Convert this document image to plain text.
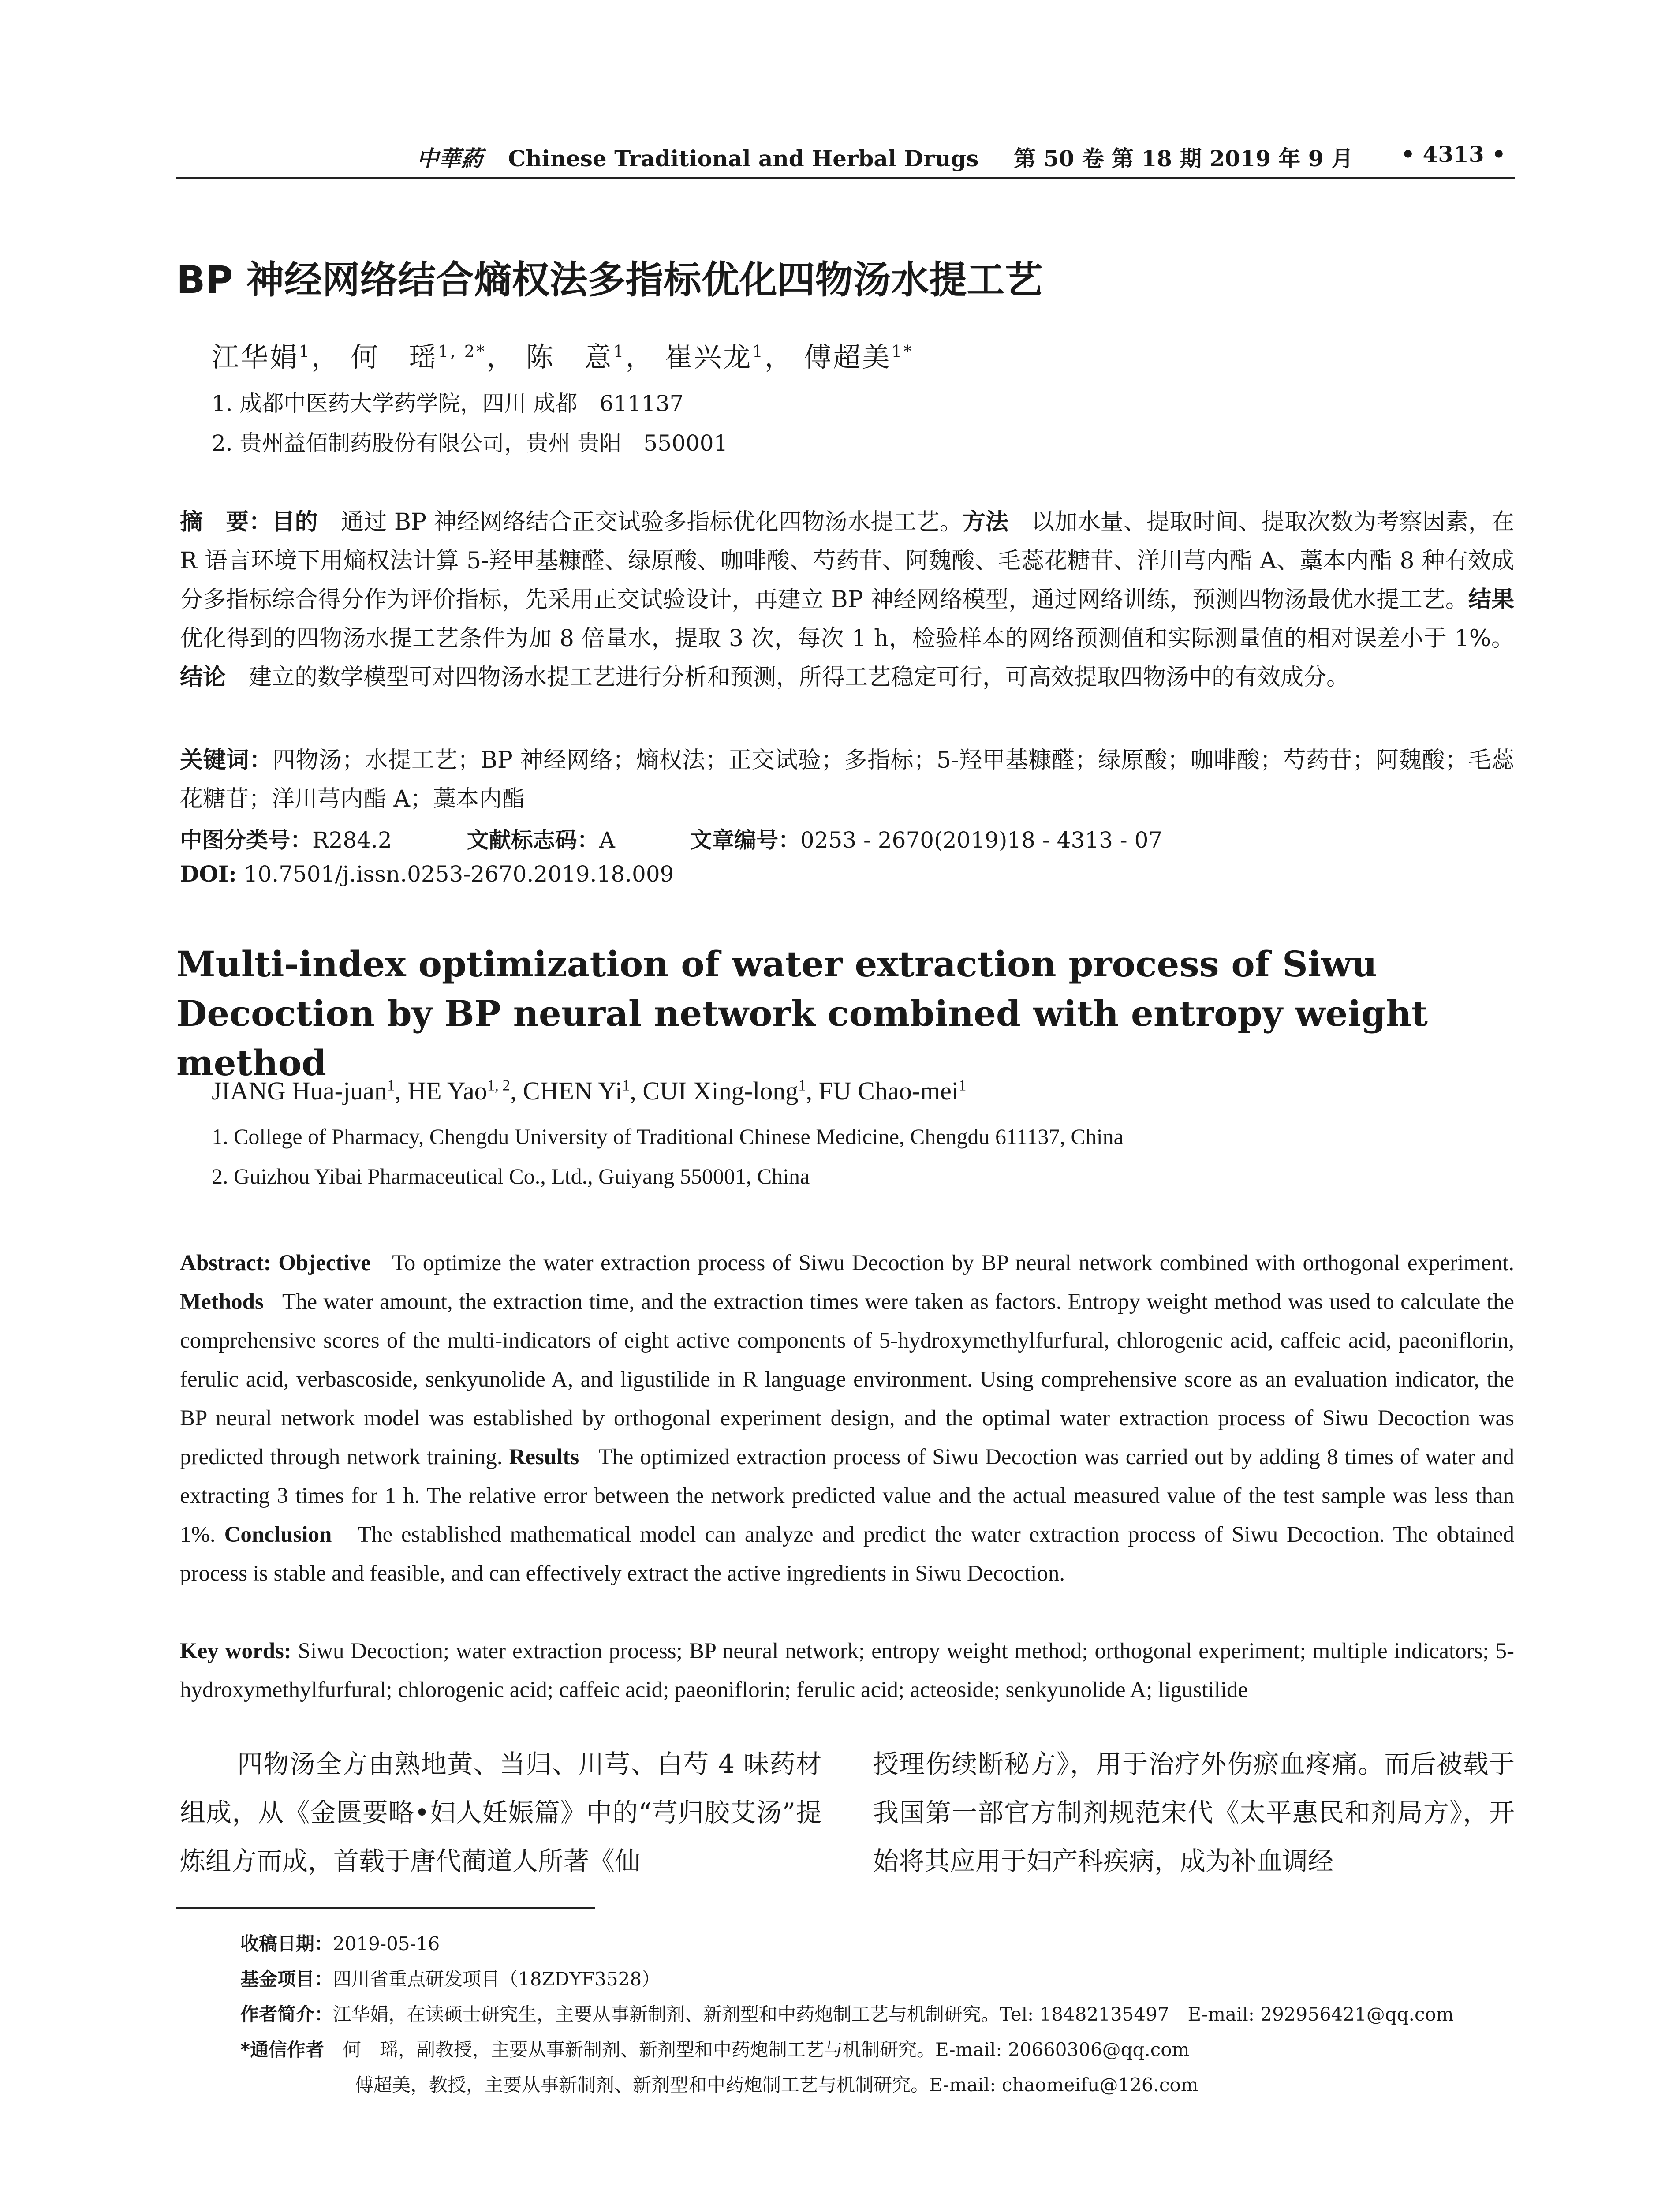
中華葯 Chinese Traditional and Herbal Drugs 第 50 卷 第 18 期 2019 年 9 月 • 4313 •
BP 神经网络结合熵权法多指标优化四物汤水提工艺
江华娟$^1$， 何　瑶$^{1, 2*}$， 陈　意$^1$， 崔兴龙$^1$， 傅超美$^{1*}$
1. 成都中医药大学药学院，四川 成都　611137
2. 贵州益佰制药股份有限公司，贵州 贵阳　550001
摘　要：目的　 通过 BP 神经网络结合正交试验多指标优化四物汤水提工艺。方法　 以加水量、提取时间、提取次数为考察因素，在 R 语言环境下用熵权法计算 5-羟甲基糠醛、绿原酸、咖啡酸、芍药苷、阿魏酸、毛蕊花糖苷、洋川芎内酯 A、藁本内酯 8 种有效成分多指标综合得分作为评价指标，先采用正交试验设计，再建立 BP 神经网络模型，通过网络训练，预测四物汤最优水提工艺。结果　优化得到的四物汤水提工艺条件为加 8 倍量水，提取 3 次，每次 1 h，检验样本的网络预测值和实际测量值的相对误差小于 1%。结论　 建立的数学模型可对四物汤水提工艺进行分析和预测，所得工艺稳定可行，可高效提取四物汤中的有效成分。
关键词：四物汤；水提工艺；BP 神经网络；熵权法；正交试验；多指标；5-羟甲基糠醛；绿原酸；咖啡酸；芍药苷；阿魏酸；毛蕊花糖苷；洋川芎内酯 A；藁本内酯
中图分类号：R284.2	文献标志码：A	文章编号：0253 - 2670(2019)18 - 4313 - 07
DOI: 10.7501/j.issn.0253-2670.2019.18.009
Multi-index optimization of water extraction process of Siwu Decoction by BP neural network combined with entropy weight method
JIANG Hua-juan$^1$, HE Yao$^{1, 2}$, CHEN Yi$^1$, CUI Xing-long$^1$, FU Chao-mei$^1$
1. College of Pharmacy, Chengdu University of Traditional Chinese Medicine, Chengdu 611137, China
2. Guizhou Yibai Pharmaceutical Co., Ltd., Guiyang 550001, China
Abstract: Objective To optimize the water extraction process of Siwu Decoction by BP neural network combined with orthogonal experiment. Methods The water amount, the extraction time, and the extraction times were taken as factors. Entropy weight method was used to calculate the comprehensive scores of the multi-indicators of eight active components of 5-hydroxymethylfurfural, chlorogenic acid, caffeic acid, paeoniflorin, ferulic acid, verbascoside, senkyunolide A, and ligustilide in R language environment. Using comprehensive score as an evaluation indicator, the BP neural network model was established by orthogonal experiment design, and the optimal water extraction process of Siwu Decoction was predicted through network training. Results The optimized extraction process of Siwu Decoction was carried out by adding 8 times of water and extracting 3 times for 1 h. The relative error between the network predicted value and the actual measured value of the test sample was less than 1%. Conclusion The established mathematical model can analyze and predict the water extraction process of Siwu Decoction. The obtained process is stable and feasible, and can effectively extract the active ingredients in Siwu Decoction.
Key words: Siwu Decoction; water extraction process; BP neural network; entropy weight method; orthogonal experiment; multiple indicators; 5-hydroxymethylfurfural; chlorogenic acid; caffeic acid; paeoniflorin; ferulic acid; acteoside; senkyunolide A; ligustilide
四物汤全方由熟地黄、当归、川芎、白芍 4 味药材组成，从《金匮要略•妇人妊娠篇》中的“芎归胶艾汤”提炼组方而成，首载于唐代蔺道人所著《仙
授理伤续断秘方》，用于治疗外伤瘀血疼痛。而后被载于我国第一部官方制剂规范宋代《太平惠民和剂局方》，开始将其应用于妇产科疾病，成为补血调经
收稿日期：2019-05-16
基金项目：四川省重点研发项目（18ZDYF3528）
作者简介：江华娟，在读硕士研究生，主要从事新制剂、新剂型和中药炮制工艺与机制研究。Tel: 18482135497　E-mail: 292956421@qq.com
*通信作者　 何　瑶，副教授，主要从事新制剂、新剂型和中药炮制工艺与机制研究。E-mail: 20660306@qq.com
傅超美，教授，主要从事新制剂、新剂型和中药炮制工艺与机制研究。E-mail: chaomeifu@126.com
